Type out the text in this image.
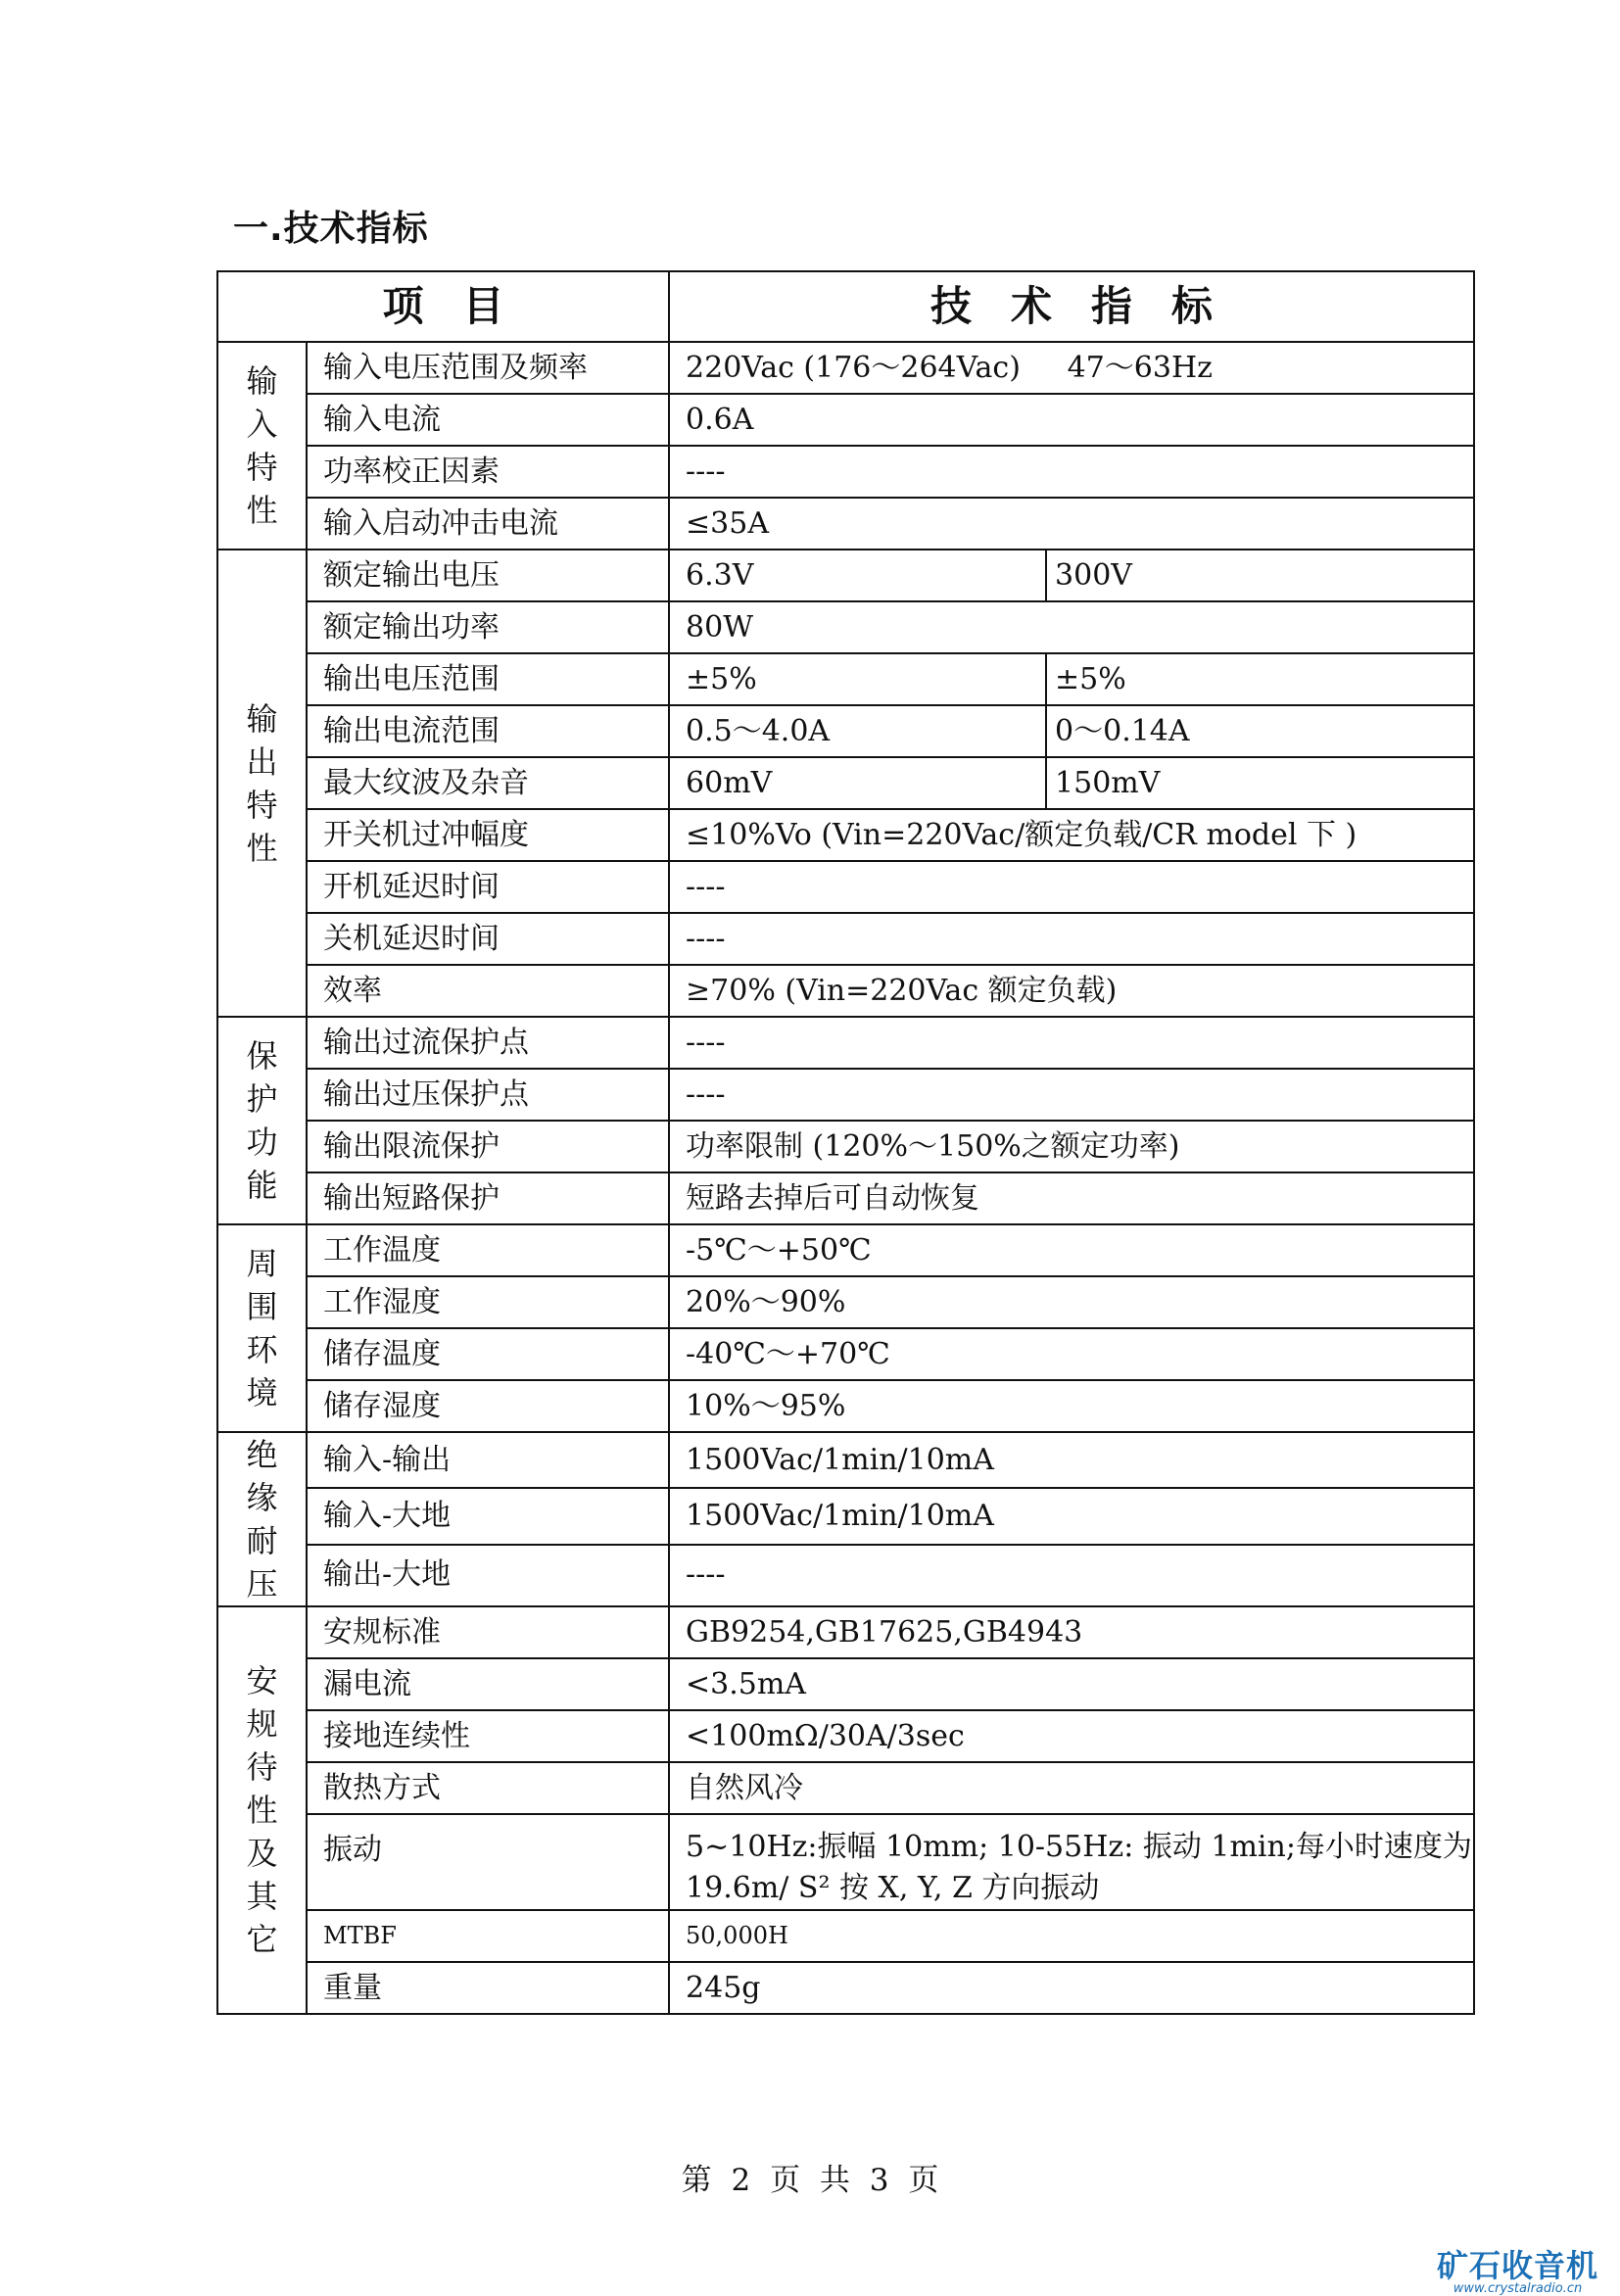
一.技术指标
项目		技术指标	

输入特性	输入电压范围及频率	220Vac (176～264Vac)     47～63Hz	
	输入电流	0.6A	
	功率校正因素	----	
	输入启动冲击电流	≤35A	

输出特性	额定输出电压	6.3V	300V
	额定输出功率	80W	
	输出电压范围	±5%	±5%
	输出电流范围	0.5～4.0A	0～0.14A
	最大纹波及杂音	60mV	150mV
	开关机过冲幅度	≤10%Vo (Vin=220Vac/额定负载/CR model 下 )	
	开机延迟时间	----	
	关机延迟时间	----	
	效率	≥70% (Vin=220Vac 额定负载)	

保护功能	输出过流保护点	----	
	输出过压保护点	----	
	输出限流保护	功率限制 (120%～150%之额定功率)	
	输出短路保护	短路去掉后可自动恢复	

周围环境	工作温度	-5℃～+50℃	
	工作湿度	20%～90%	
	储存温度	-40℃～+70℃	
	储存湿度	10%～95%	

绝缘耐压	输入-输出	1500Vac/1min/10mA	
	输入-大地	1500Vac/1min/10mA	
	输出-大地	----	

安规待性及其它	安规标准	GB9254,GB17625,GB4943	
	漏电流	<3.5mA	
	接地连续性	<100mΩ/30A/3sec	
	散热方式	自然风冷	
	振动	5~10Hz:振幅 10mm; 10-55Hz: 振动 1min;每小时速度为
19.6m/ S² 按 X, Y, Z 方向振动	

	MTBF	50,000H	
	重量	245g	
第 2 页 共 3 页
矿石收音机
www.crystalradio.cn
